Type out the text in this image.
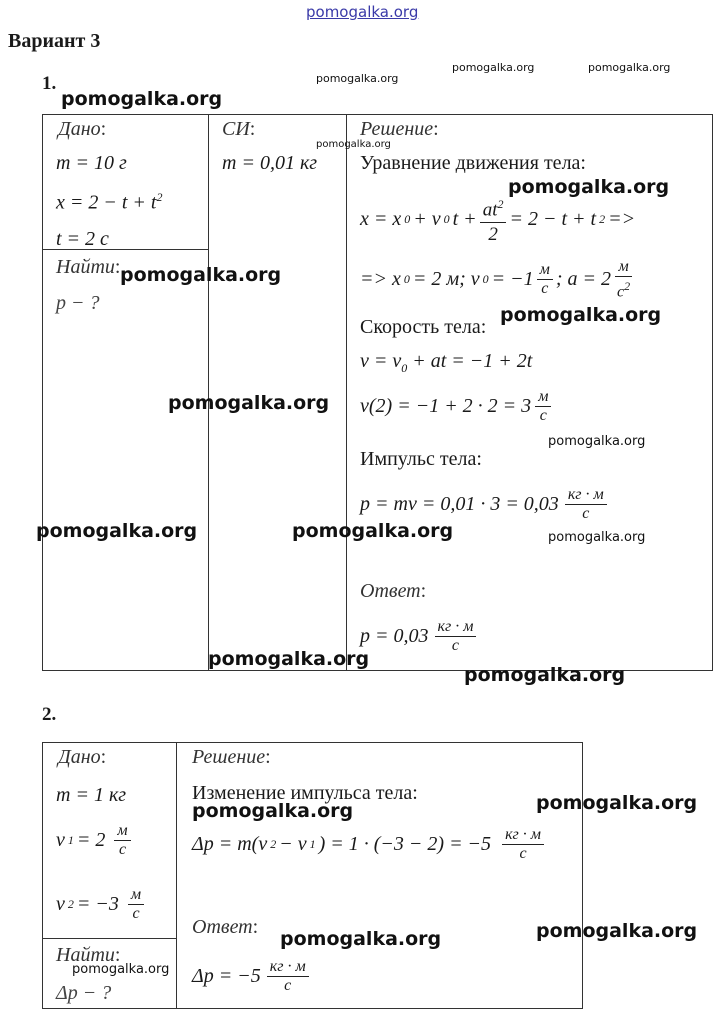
pomogalka.org
Вариант 3
pomogalka.org
pomogalka.org	pomogalka.org
1.
pomogalka.org
Дано:
m = 10 г
$x = 2 - t + t^2$
t = 2 с
Найти:
p − ?
СИ:
m = 0,01 кг
pomogalka.org
Решение:
Уравнение движения тела:
pomogalka.org
x = x 0 + v 0 $t + \frac{at^2}{2} = 2 - t + t$ 2 =>
=> x 0 = 2 м; v $0 = -1 \frac{м}{с}$ ; $a = 2 \frac{м}{с^2}$
pomogalka.org
pomogalka.org
Скорость тела:
$v = v_0$ + at = −1 + 2t
pomogalka.org $v(2) = -1 + 2 \cdot 2 = 3 \frac{м}{с}$
pomogalka.org
Импульс тела:
p = mv = $0,01 \cdot 3 = 0,03 \frac{кг \cdot м}{с}$
pomogalka.org	pomogalka.org	pomogalka.org
Ответ:
$p = 0,03 \frac{кг \cdot м}{с}$
pomogalka.org
pomogalka.org
2.
Дано:
m = 1 кг
v $1 = 2 \frac{м}{с}$
v $2 = -3 \frac{м}{с}$
Найти:
pomogalka.org
Δp − ?
Решение:
Изменение импульса тела:
pomogalka.org	pomogalka.org
Δp = m(v 2 − v 1 ) = $1 \cdot (-3 - 2) = -5 \frac{кг \cdot м}{с}$
Ответ:
pomogalka.org	pomogalka.org
$\Delta p = -5 \frac{кг \cdot м}{с}$
